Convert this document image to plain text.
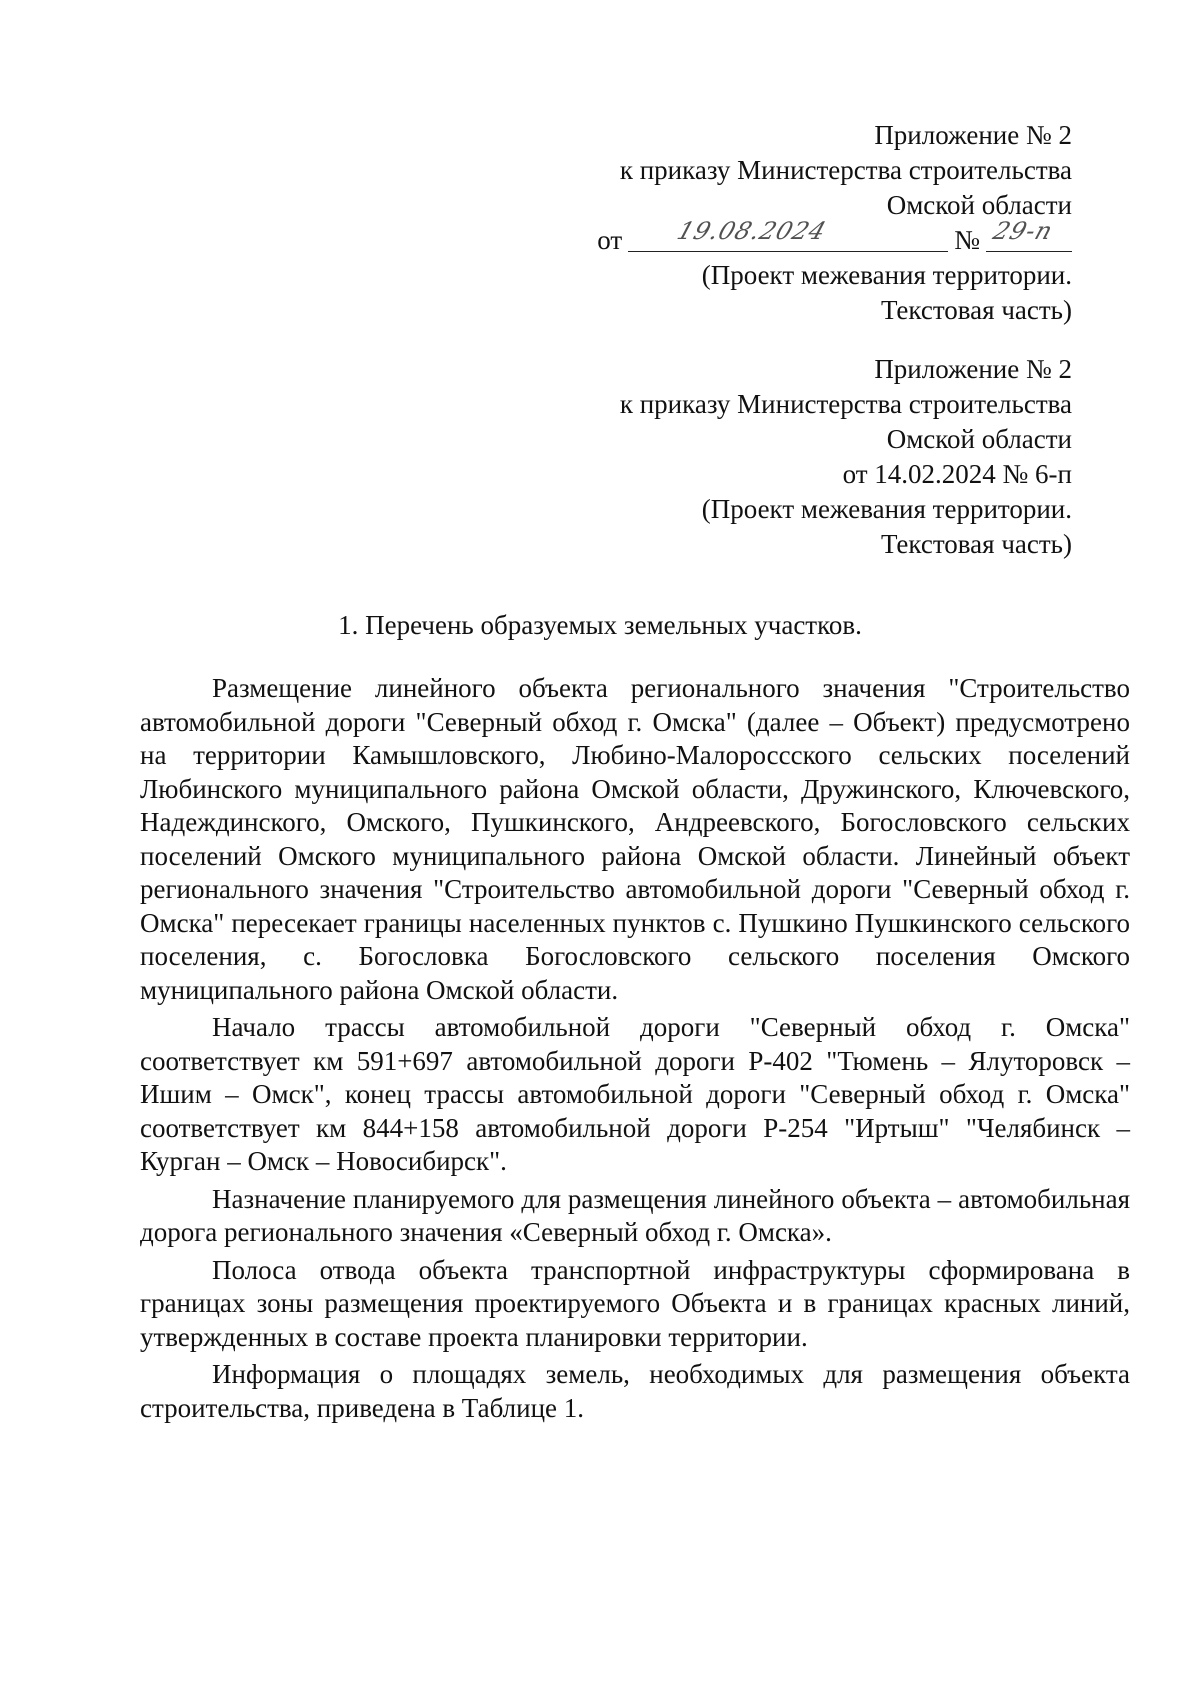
Приложение № 2
к приказу Министерства строительства
Омской области
от 19.08.2024	№ 29-п
(Проект межевания территории.
Текстовая часть)
Приложение № 2
к приказу Министерства строительства
Омской области
от 14.02.2024 № 6-п
(Проект межевания территории.
Текстовая часть)
1. Перечень образуемых земельных участков.

Размещение линейного объекта регионального значения "Строительство автомобильной дороги "Северный обход г. Омска" (далее – Объект) предусмотрено на территории Камышловского, Любино-Малороссского сельских поселений Любинского муниципального района Омской области, Дружинского, Ключевского, Надеждинского, Омского, Пушкинского, Андреевского, Богословского сельских поселений Омского муниципального района Омской области. Линейный объект регионального значения "Строительство автомобильной дороги "Северный обход г. Омска" пересекает границы населенных пунктов с. Пушкино Пушкинского сельского поселения, с. Богословка Богословского сельского поселения Омского муниципального района Омской области.

Начало трассы автомобильной дороги "Северный обход г. Омска" соответствует км 591+697 автомобильной дороги Р-402 "Тюмень – Ялуторовск – Ишим – Омск", конец трассы автомобильной дороги "Северный обход г. Омска" соответствует км 844+158 автомобильной дороги Р-254 "Иртыш" "Челябинск – Курган – Омск – Новосибирск".

Назначение планируемого для размещения линейного объекта – автомобильная дорога регионального значения «Северный обход г. Омска».

Полоса отвода объекта транспортной инфраструктуры сформирована в границах зоны размещения проектируемого Объекта и в границах красных линий, утвержденных в составе проекта планировки территории.

Информация о площадях земель, необходимых для размещения объекта строительства, приведена в Таблице 1.
